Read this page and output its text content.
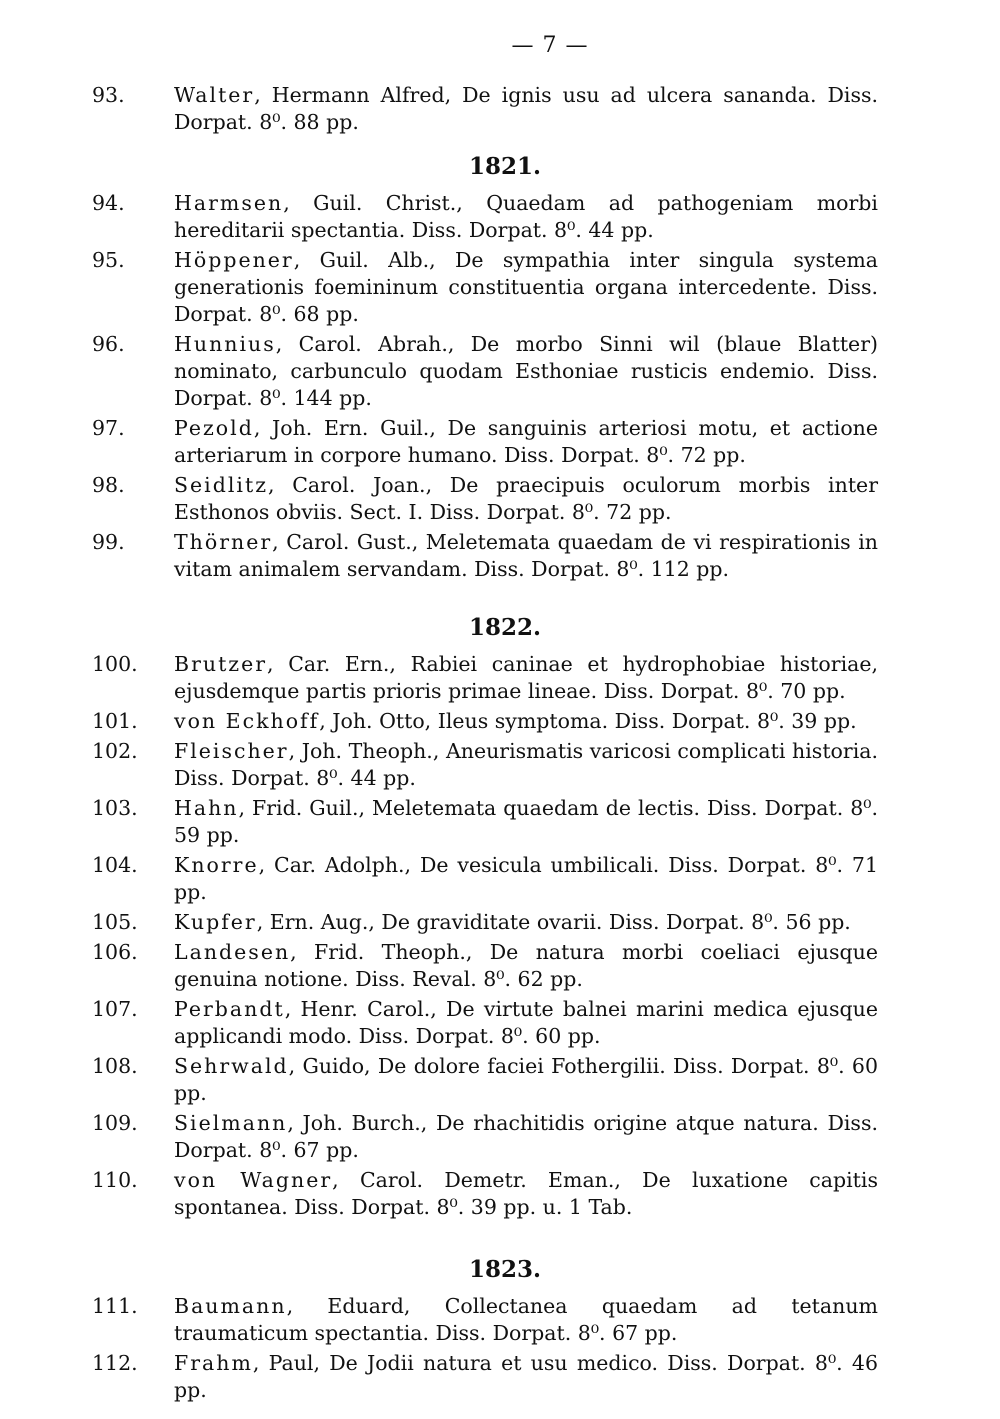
— 7 —
93.	Walter, Hermann Alfred, De ignis usu ad ulcera sananda. Diss. Dorpat. 8⁰. 88 pp.
1821.
94.	Harmsen, Guil. Christ., Quaedam ad pathogeniam morbi hereditarii spectantia. Diss. Dorpat. 8⁰. 44 pp.
95.	Höppener, Guil. Alb., De sympathia inter singula systema generationis foemininum constituentia organa intercedente. Diss. Dorpat. 8⁰. 68 pp.
96.	Hunnius, Carol. Abrah., De morbo Sinni wil (blaue Blatter) nominato, carbunculo quodam Esthoniae rusticis endemio. Diss. Dorpat. 8⁰. 144 pp.
97.	Pezold, Joh. Ern. Guil., De sanguinis arteriosi motu, et actione arteriarum in corpore humano. Diss. Dorpat. 8⁰. 72 pp.
98.	Seidlitz, Carol. Joan., De praecipuis oculorum morbis inter Esthonos obviis. Sect. I. Diss. Dorpat. 8⁰. 72 pp.
99.	Thörner, Carol. Gust., Meletemata quaedam de vi respirationis in vitam animalem servandam. Diss. Dorpat. 8⁰. 112 pp.
1822.
100.	Brutzer, Car. Ern., Rabiei caninae et hydrophobiae historiae, ejusdemque partis prioris primae lineae. Diss. Dorpat. 8⁰. 70 pp.
101.	von Eckhoff, Joh. Otto, Ileus symptoma. Diss. Dorpat. 8⁰. 39 pp.
102.	Fleischer, Joh. Theoph., Aneurismatis varicosi complicati historia. Diss. Dorpat. 8⁰. 44 pp.
103.	Hahn, Frid. Guil., Meletemata quaedam de lectis. Diss. Dorpat. 8⁰. 59 pp.
104.	Knorre, Car. Adolph., De vesicula umbilicali. Diss. Dorpat. 8⁰. 71 pp.
105.	Kupfer, Ern. Aug., De graviditate ovarii. Diss. Dorpat. 8⁰. 56 pp.
106.	Landesen, Frid. Theoph., De natura morbi coeliaci ejusque genuina notione. Diss. Reval. 8⁰. 62 pp.
107.	Perbandt, Henr. Carol., De virtute balnei marini medica ejusque applicandi modo. Diss. Dorpat. 8⁰. 60 pp.
108.	Sehrwald, Guido, De dolore faciei Fothergilii. Diss. Dorpat. 8⁰. 60 pp.
109.	Sielmann, Joh. Burch., De rhachitidis origine atque natura. Diss. Dorpat. 8⁰. 67 pp.
110.	von Wagner, Carol. Demetr. Eman., De luxatione capitis spontanea. Diss. Dorpat. 8⁰. 39 pp. u. 1 Tab.
1823.
111.	Baumann, Eduard, Collectanea quaedam ad tetanum traumaticum spectantia. Diss. Dorpat. 8⁰. 67 pp.
112.	Frahm, Paul, De Jodii natura et usu medico. Diss. Dorpat. 8⁰. 46 pp.
